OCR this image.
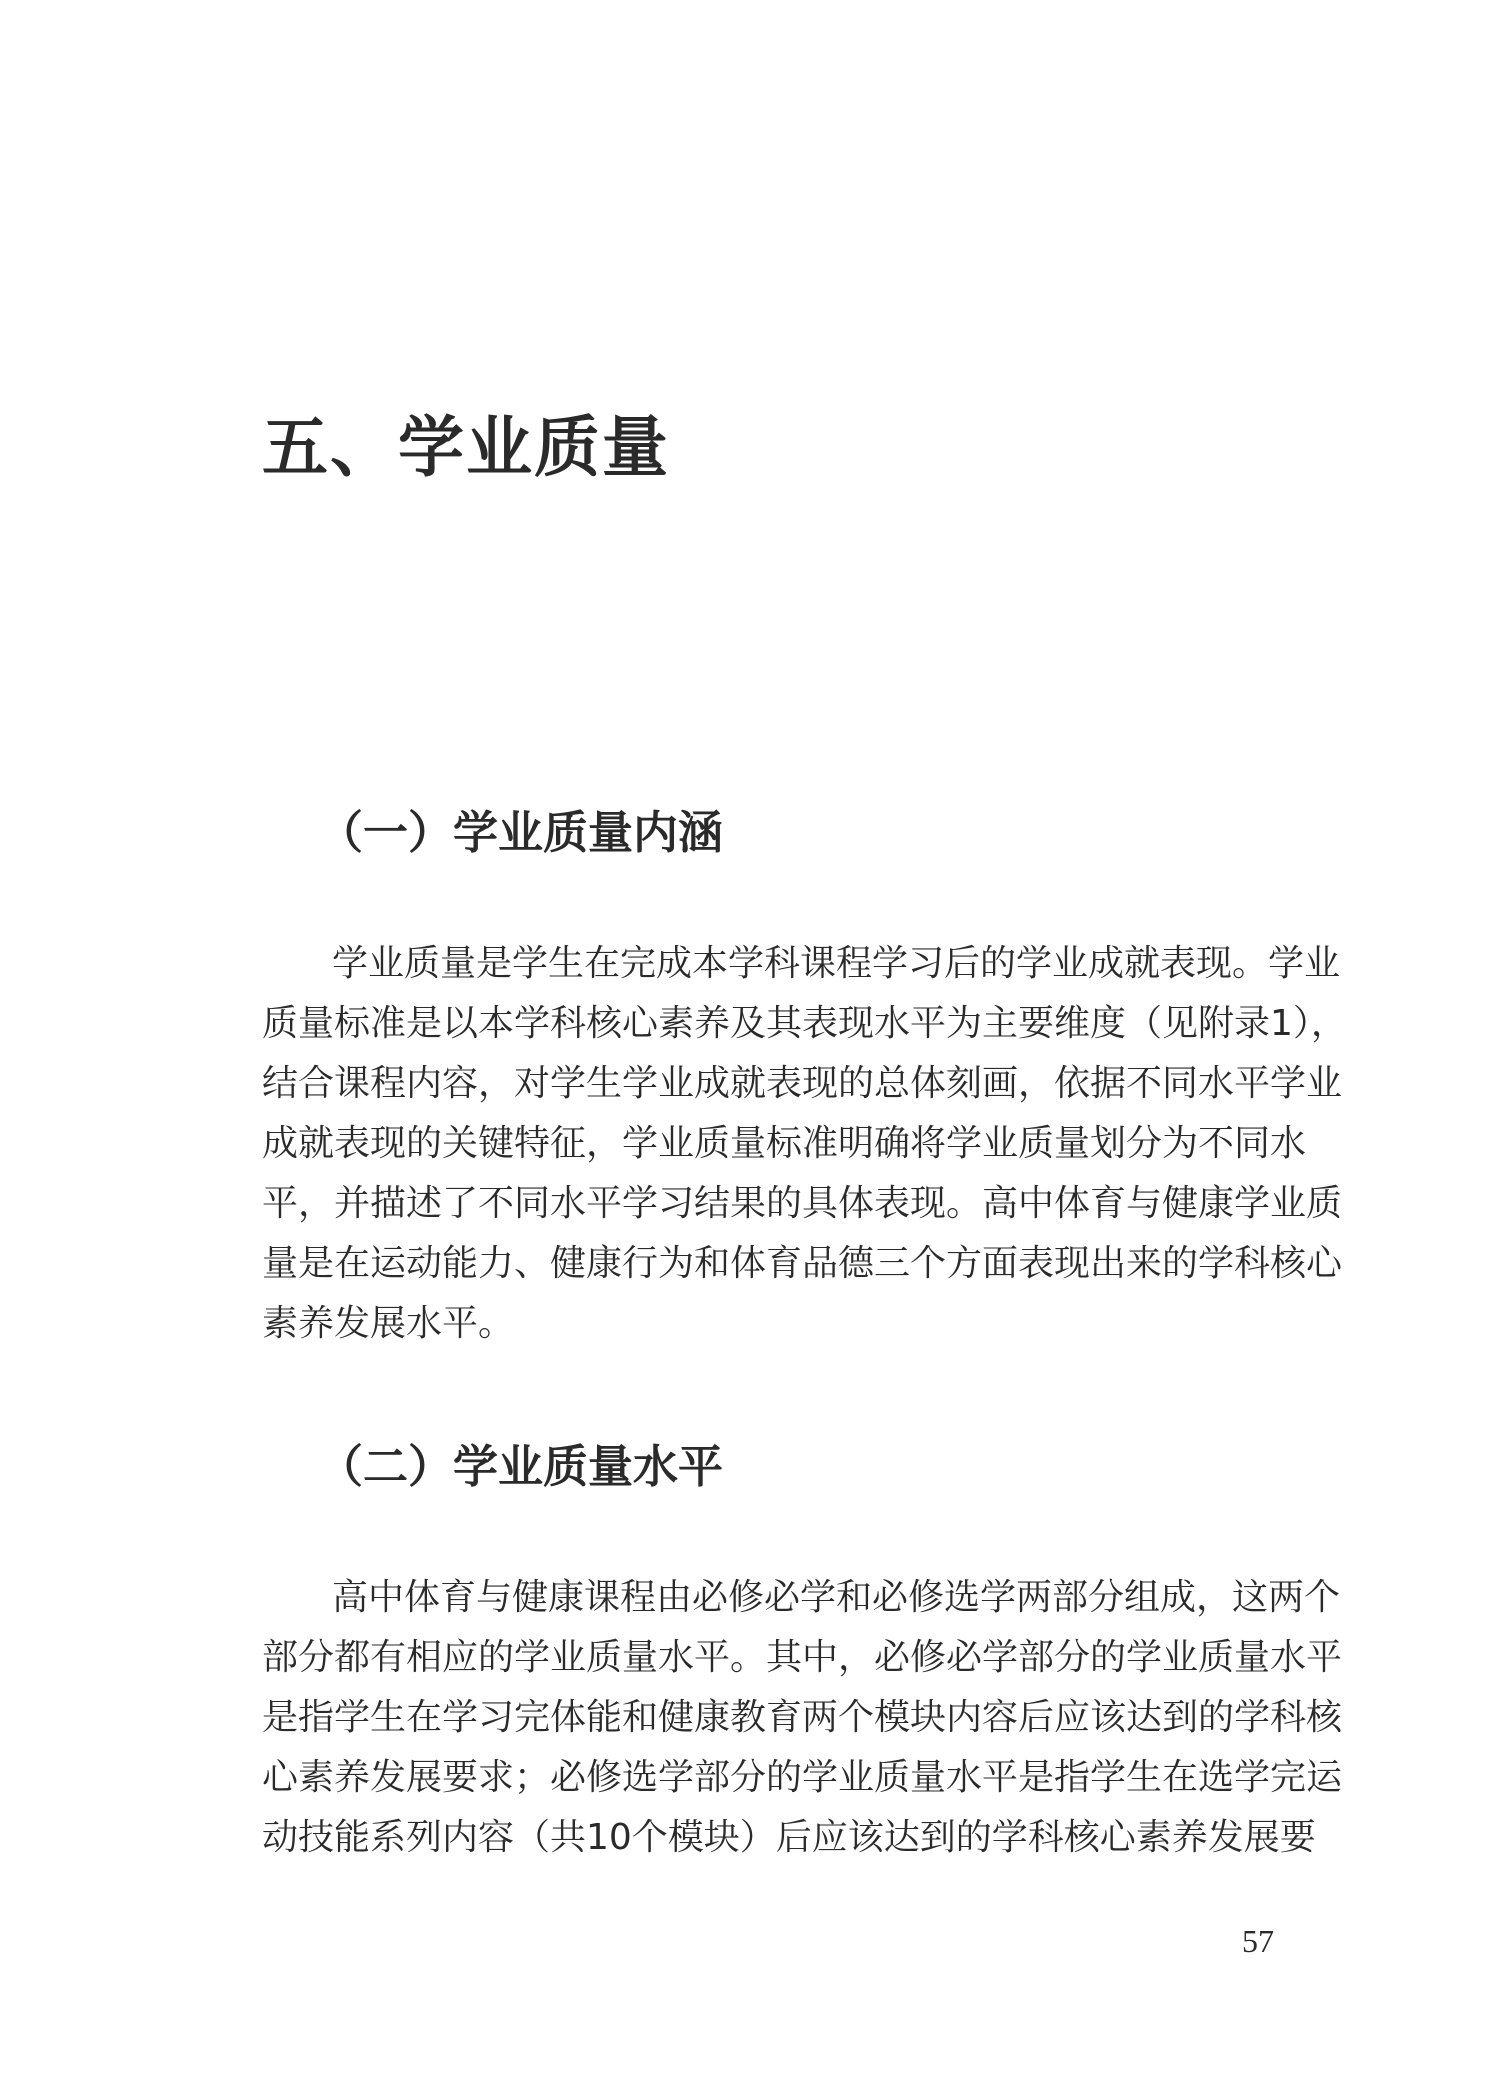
五、学业质量
（一）学业质量内涵
学业质量是学生在完成本学科课程学习后的学业成就表现。学业
质量标准是以本学科核心素养及其表现水平为主要维度（见附录1），
结合课程内容，对学生学业成就表现的总体刻画，依据不同水平学业
成就表现的关键特征，学业质量标准明确将学业质量划分为不同水
平，并描述了不同水平学习结果的具体表现。高中体育与健康学业质
量是在运动能力、健康行为和体育品德三个方面表现出来的学科核心
素养发展水平。
（二）学业质量水平
高中体育与健康课程由必修必学和必修选学两部分组成，这两个
部分都有相应的学业质量水平。其中，必修必学部分的学业质量水平
是指学生在学习完体能和健康教育两个模块内容后应该达到的学科核
心素养发展要求；必修选学部分的学业质量水平是指学生在选学完运
动技能系列内容（共10个模块）后应该达到的学科核心素养发展要
57
